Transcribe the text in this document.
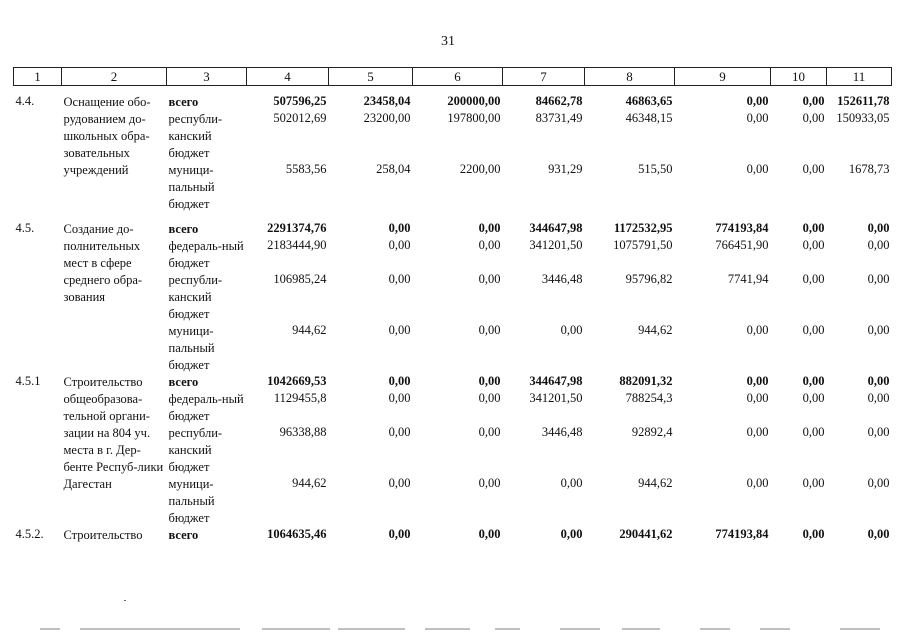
31
1	2	3	4	5	6	7	8	9	10	11

4.4.	Оснащение обо-рудованием до-школьных обра-зовательных учреждений	всего	507596,25	23458,04	200000,00	84662,78	46863,65	0,00	0,00	152611,78
		республи-канский бюджет	502012,69	23200,00	197800,00	83731,49	46348,15	0,00	0,00	150933,05
		муници-пальный бюджет	5583,56	258,04	2200,00	931,29	515,50	0,00	0,00	1678,73

4.5.	Создание до-полнительных мест в сфере среднего обра-зования	всего	2291374,76	0,00	0,00	344647,98	1172532,95	774193,84	0,00	0,00
		федераль-ный бюджет	2183444,90	0,00	0,00	341201,50	1075791,50	766451,90	0,00	0,00
		республи-канский бюджет	106985,24	0,00	0,00	3446,48	95796,82	7741,94	0,00	0,00
		муници-пальный бюджет	944,62	0,00	0,00	0,00	944,62	0,00	0,00	0,00

4.5.1	Строительство общеобразова-тельной органи-зации на 804 уч. места в г. Дер-бенте Респуб-лики Дагестан	всего	1042669,53	0,00	0,00	344647,98	882091,32	0,00	0,00	0,00
		федераль-ный бюджет	1129455,8	0,00	0,00	341201,50	788254,3	0,00	0,00	0,00
		республи-канский бюджет	96338,88	0,00	0,00	3446,48	92892,4	0,00	0,00	0,00
		муници-пальный бюджет	944,62	0,00	0,00	0,00	944,62	0,00	0,00	0,00

4.5.2.	Строительство	всего	1064635,46	0,00	0,00	0,00	290441,62	774193,84	0,00	0,00
